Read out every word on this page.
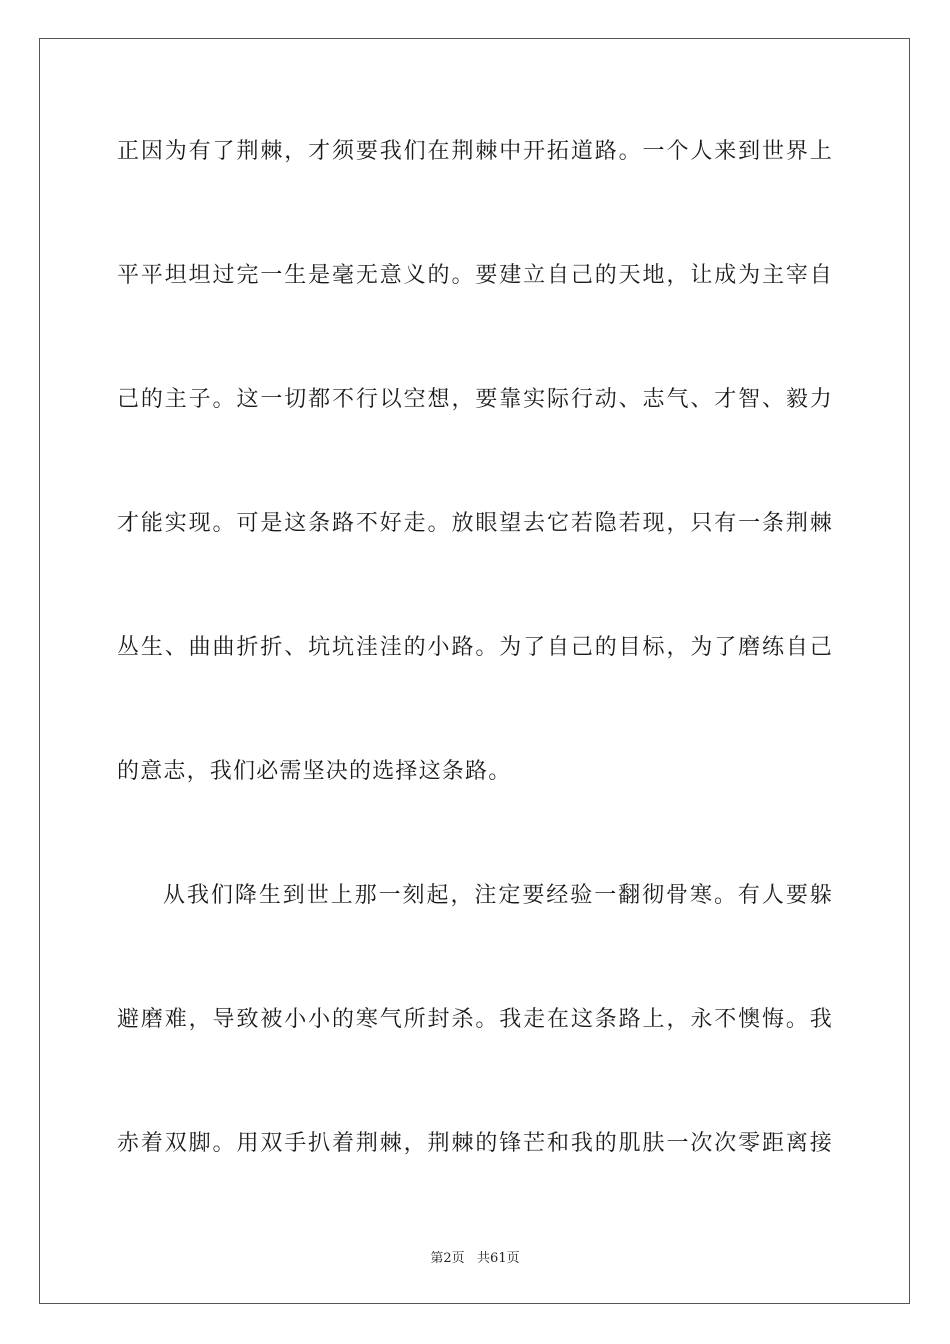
正因为有了荆棘，才须要我们在荆棘中开拓道路。一个人来到世界上
平平坦坦过完一生是毫无意义的。要建立自己的天地，让成为主宰自
己的主子。这一切都不行以空想，要靠实际行动、志气、才智、毅力
才能实现。可是这条路不好走。放眼望去它若隐若现，只有一条荆棘
丛生、曲曲折折、坑坑洼洼的小路。为了自己的目标，为了磨练自己
的意志，我们必需坚决的选择这条路。
从我们降生到世上那一刻起，注定要经验一翻彻骨寒。有人要躲
避磨难，导致被小小的寒气所封杀。我走在这条路上，永不懊悔。我
赤着双脚。用双手扒着荆棘，荆棘的锋芒和我的肌肤一次次零距离接
第2页   共61页
